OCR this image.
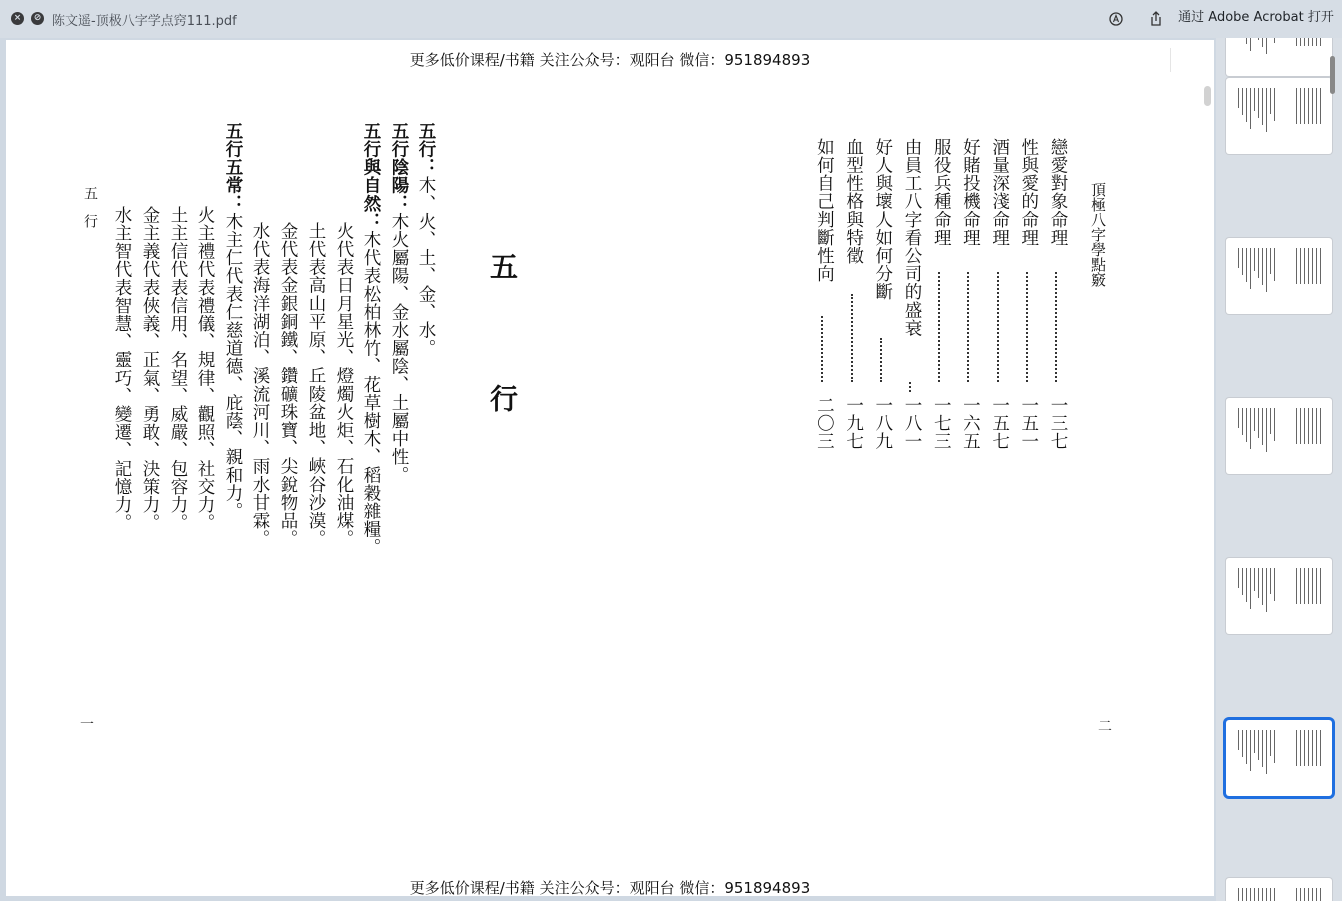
×	⊘ 陈文遥-顶极八字学点窍111.pdf	通过 Adobe Acrobat 打开
更多低价课程/书籍 关注公众号：观阳台 微信：951894893
頂極八字學點竅
戀愛對象命理
一三七
性與愛的命理
一五一
酒量深淺命理
一五七
好賭投機命理
一六五
服役兵種命理
一七三
由員工八字看公司的盛衰
一八一
好人與壞人如何分斷
一八九
血型性格與特徵
一九七
如何自己判斷性向
二〇三
二
五　行
水主智代表智慧、靈巧、變遷、記憶力。 金主義代表俠義、正氣、勇敢、決策力。 土主信代表信用、名望、威嚴、包容力。 火主禮代表禮儀、規律、觀照、社交力。
五行五常：木主仁代表仁慈道德、庇蔭、親和力。 水代表海洋湖泊、溪流河川、雨水甘霖。 金代表金銀銅鐵、鑽礦珠寶、尖銳物品。 土代表高山平原、丘陵盆地、峽谷沙漠。 火代表日月星光、燈燭火炬、石化油煤。
五行與自然：木代表松柏林竹、花草樹木、稻穀雜糧。
五行陰陽：木火屬陽、金水屬陰、土屬中性。
五行：木、火、土、金、水。
五　行
一
更多低价课程/书籍 关注公众号：观阳台 微信：951894893
